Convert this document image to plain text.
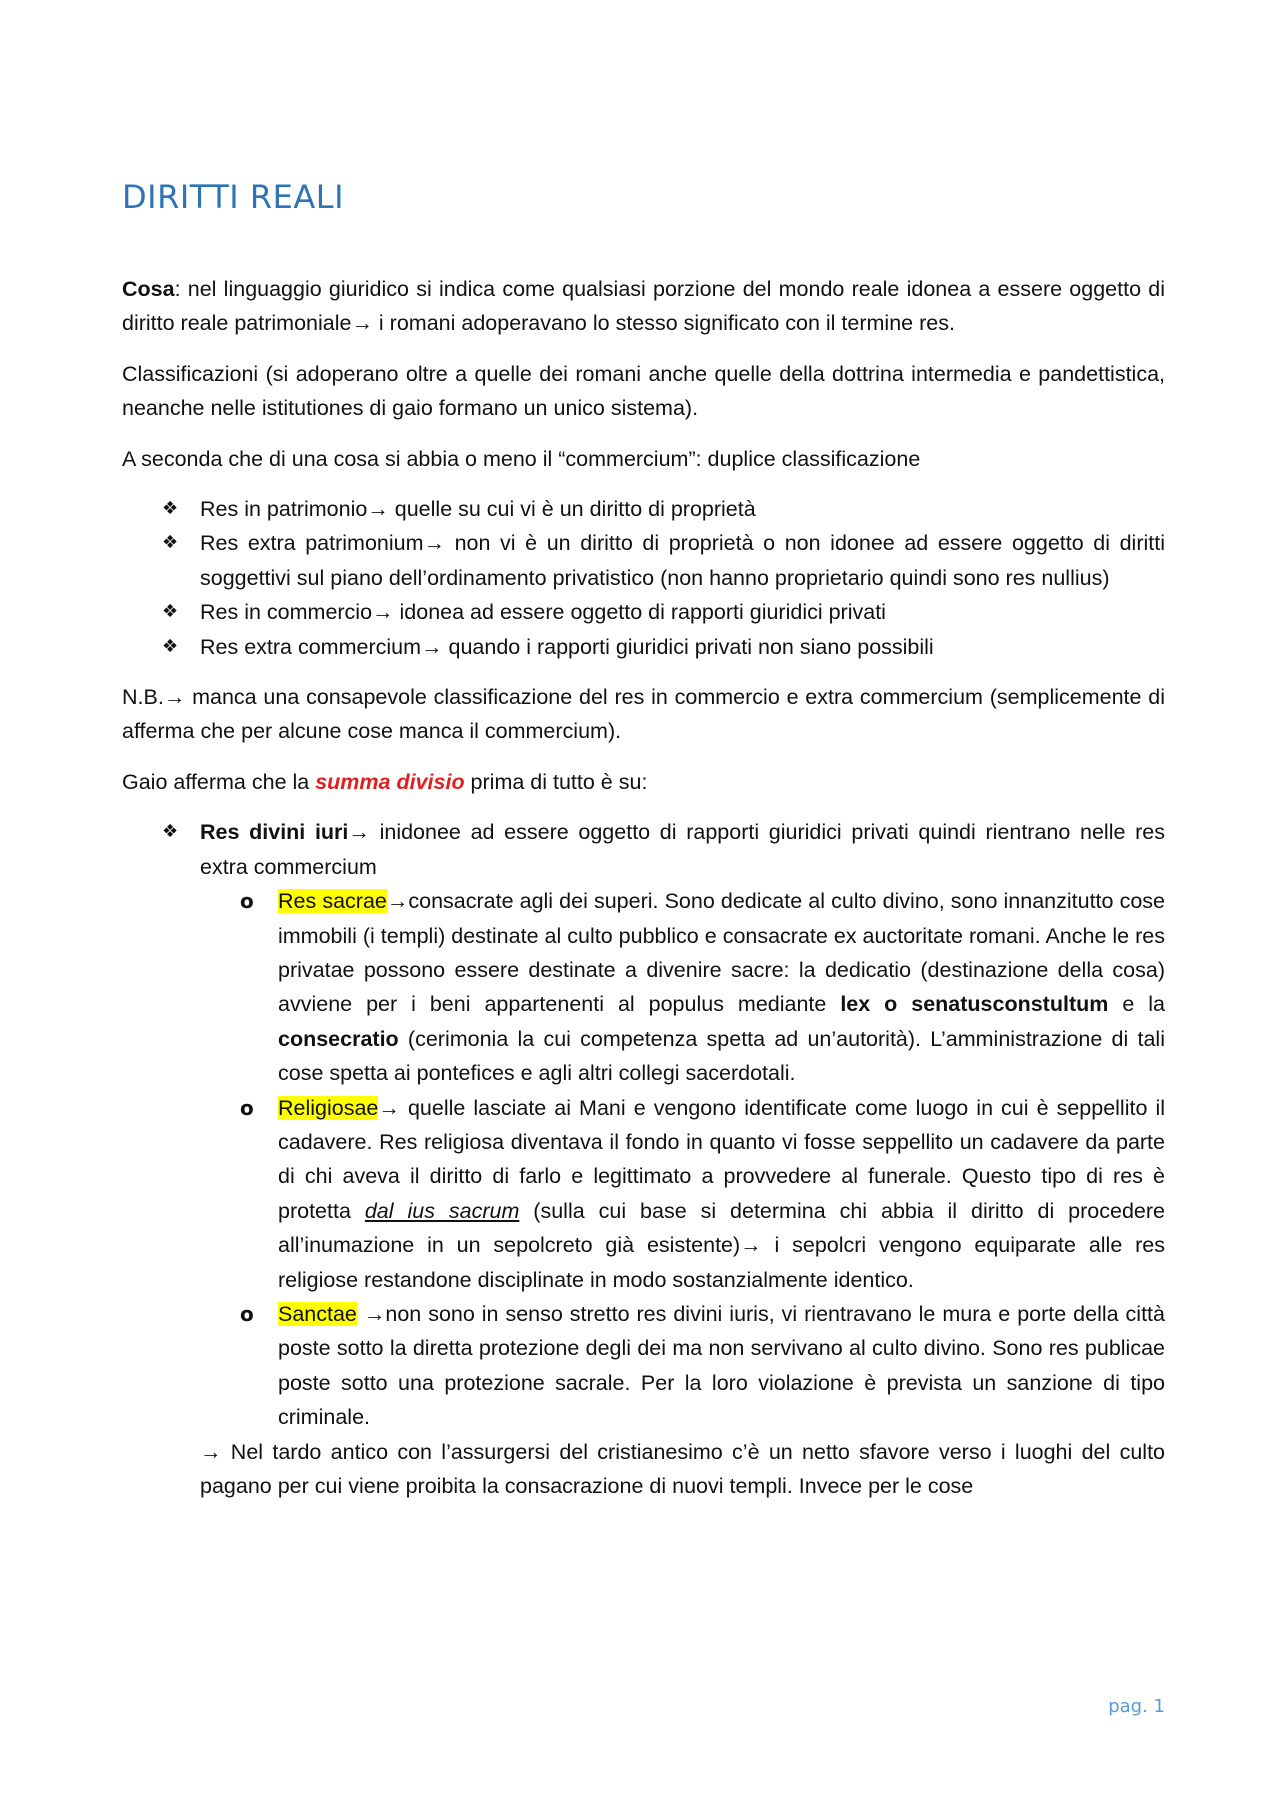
DIRITTI REALI

Cosa: nel linguaggio giuridico si indica come qualsiasi porzione del mondo reale idonea a essere oggetto di diritto reale patrimoniale→ i romani adoperavano lo stesso significato con il termine res.

Classificazioni (si adoperano oltre a quelle dei romani anche quelle della dottrina intermedia e pandettistica, neanche nelle istitutiones di gaio formano un unico sistema).

A seconda che di una cosa si abbia o meno il “commercium”: duplice classificazione

❖ Res in patrimonio→ quelle su cui vi è un diritto di proprietà
❖ Res extra patrimonium→ non vi è un diritto di proprietà o non idonee ad essere oggetto di diritti soggettivi sul piano dell’ordinamento privatistico (non hanno proprietario quindi sono res nullius)
❖ Res in commercio→ idonea ad essere oggetto di rapporti giuridici privati
❖ Res extra commercium→ quando i rapporti giuridici privati non siano possibili

N.B.→ manca una consapevole classificazione del res in commercio e extra commercium (semplicemente di afferma che per alcune cose manca il commercium).

Gaio afferma che la summa divisio prima di tutto è su:

❖ Res divini iuri→ inidonee ad essere oggetto di rapporti giuridici privati quindi rientrano nelle res extra commercium
o Res sacrae→consacrate agli dei superi. Sono dedicate al culto divino, sono innanzitutto cose immobili (i templi) destinate al culto pubblico e consacrate ex auctoritate romani. Anche le res privatae possono essere destinate a divenire sacre: la dedicatio (destinazione della cosa) avviene per i beni appartenenti al populus mediante lex o senatusconstultum e la consecratio (cerimonia la cui competenza spetta ad un’autorità). L’amministrazione di tali cose spetta ai pontefices e agli altri collegi sacerdotali.
o Religiosae→ quelle lasciate ai Mani e vengono identificate come luogo in cui è seppellito il cadavere. Res religiosa diventava il fondo in quanto vi fosse seppellito un cadavere da parte di chi aveva il diritto di farlo e legittimato a provvedere al funerale. Questo tipo di res è protetta dal ius sacrum (sulla cui base si determina chi abbia il diritto di procedere all’inumazione in un sepolcreto già esistente)→ i sepolcri vengono equiparate alle res religiose restandone disciplinate in modo sostanzialmente identico.
o Sanctae →non sono in senso stretto res divini iuris, vi rientravano le mura e porte della città poste sotto la diretta protezione degli dei ma non servivano al culto divino. Sono res publicae poste sotto una protezione sacrale. Per la loro violazione è prevista un sanzione di tipo criminale.

→ Nel tardo antico con l’assurgersi del cristianesimo c’è un netto sfavore verso i luoghi del culto pagano per cui viene proibita la consacrazione di nuovi templi. Invece per le cose

pag. 1
